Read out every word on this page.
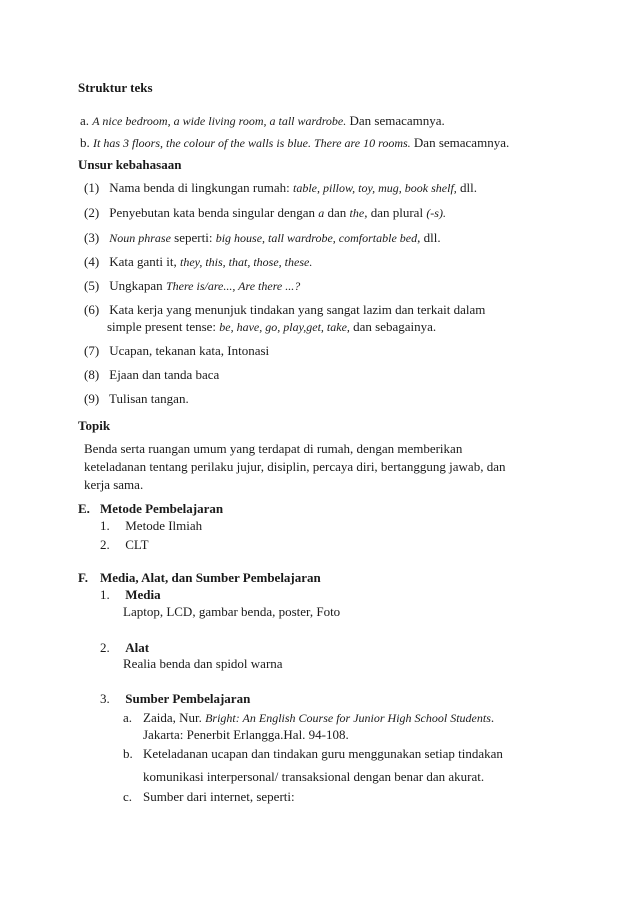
Struktur teks
a. A nice bedroom, a wide living room, a tall wardrobe. Dan semacamnya.
b. It has 3 floors, the colour of the walls is blue. There are 10 rooms. Dan semacamnya.
Unsur kebahasaan
(1) Nama benda di lingkungan rumah: table, pillow, toy, mug, book shelf, dll.
(2) Penyebutan kata benda singular dengan a dan the, dan plural (-s).
(3) Noun phrase seperti: big house, tall wardrobe, comfortable bed, dll.
(4) Kata ganti it, they, this, that, those, these.
(5) Ungkapan There is/are..., Are there ...?
(6) Kata kerja yang menunjuk tindakan yang sangat lazim dan terkait dalam
simple present tense: be, have, go, play,get, take, dan sebagainya.
(7) Ucapan, tekanan kata, Intonasi
(8) Ejaan dan tanda baca
(9) Tulisan tangan.
Topik
Benda serta ruangan umum yang terdapat di rumah, dengan memberikan
keteladanan tentang perilaku jujur, disiplin, percaya diri, bertanggung jawab, dan
kerja sama.
E. Metode Pembelajaran
1. Metode Ilmiah
2. CLT
F. Media, Alat, dan Sumber Pembelajaran
1. Media
Laptop, LCD, gambar benda, poster, Foto
2. Alat
Realia benda dan spidol warna
3. Sumber Pembelajaran
a. Zaida, Nur. Bright: An English Course for Junior High School Students.
Jakarta: Penerbit Erlangga.Hal. 94-108.
b. Keteladanan ucapan dan tindakan guru menggunakan setiap tindakan
komunikasi interpersonal/ transaksional dengan benar dan akurat.
c. Sumber dari internet, seperti:
